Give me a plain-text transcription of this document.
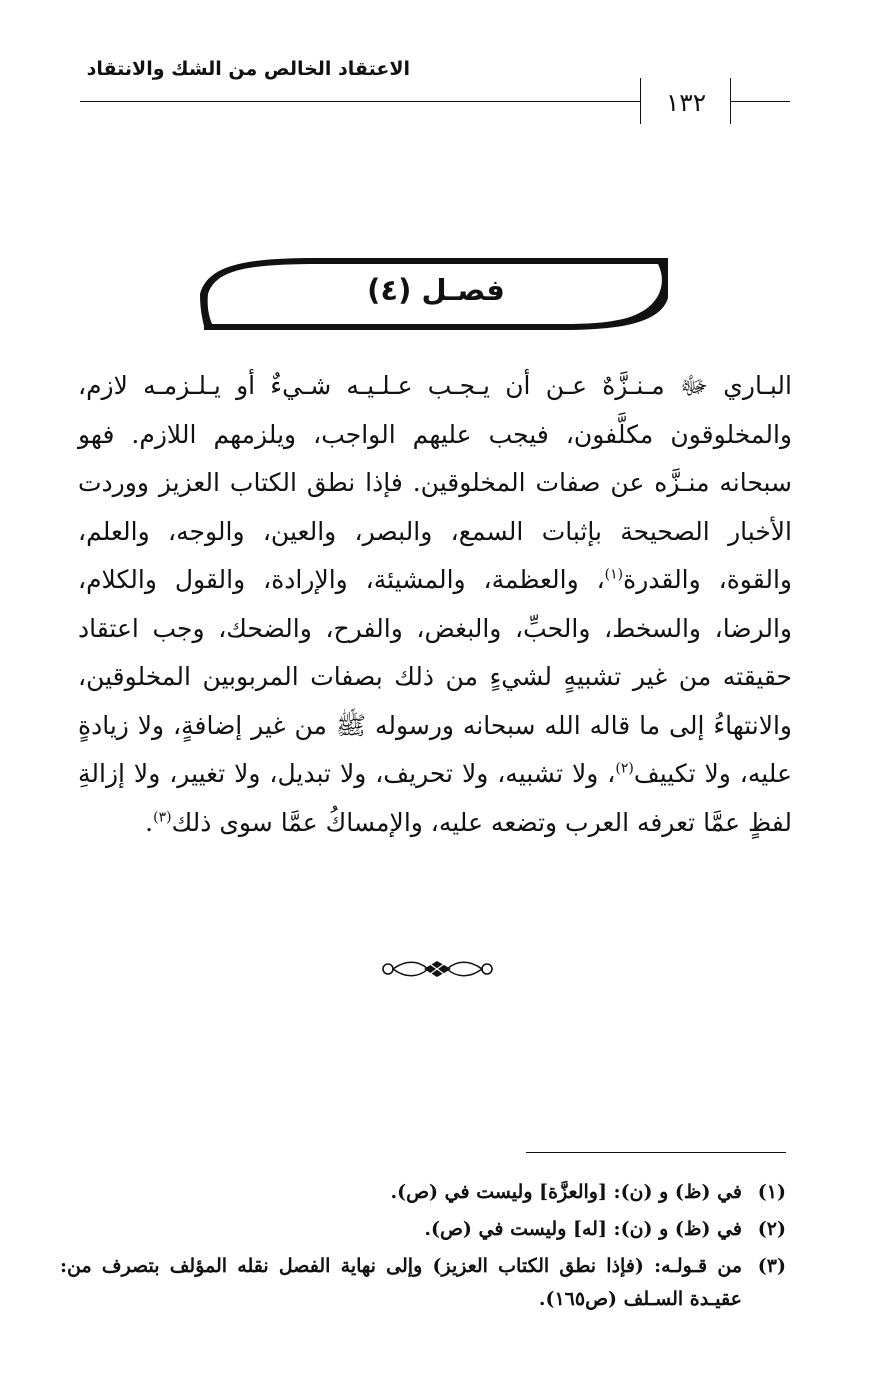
الاعتقاد الخالص من الشك والانتقاد
١٣٢
فصـل (٤)
البـاري ﷻ مـنـزَّهٌ عـن أن يـجـب عـلـيـه شـيءٌ أو يـلـزمـه لازم، والمخلوقون مكلَّفون، فيجب عليهم الواجب، ويلزمهم اللازم. فهو سبحانه منـزَّه عن صفات المخلوقين. فإذا نطق الكتاب العزيز ووردت الأخبار الصحيحة بإثبات السمع، والبصر، والعين، والوجه، والعلم، والقوة، والقدرة$^{(١)}$، والعظمة، والمشيئة، والإرادة، والقول والكلام، والرضا، والسخط، والحبِّ، والبغض، والفرح، والضحك، وجب اعتقاد حقيقته من غير تشبيهٍ لشيءٍ من ذلك بصفات المربوبين المخلوقين، والانتهاءُ إلى ما قاله الله سبحانه ورسوله ﷺ من غير إضافةٍ، ولا زيادةٍ عليه، ولا تكييف$^{(٢)}$، ولا تشبيه، ولا تحريف، ولا تبديل، ولا تغيير، ولا إزالةِ لفظٍ عمَّا تعرفه العرب وتضعه عليه، والإمساكُ عمَّا سوى ذلك$^{(٣)}$.
(١)
في (ظ) و (ن): [والعزَّة] وليست في (ص).
(٢)
في (ظ) و (ن): [له] وليست في (ص).
(٣)
من قـولـه: (فإذا نطق الكتاب العزيز) وإلى نهاية الفصل نقله المؤلف بتصرف من: عقيـدة السـلف (ص١٦٥).
